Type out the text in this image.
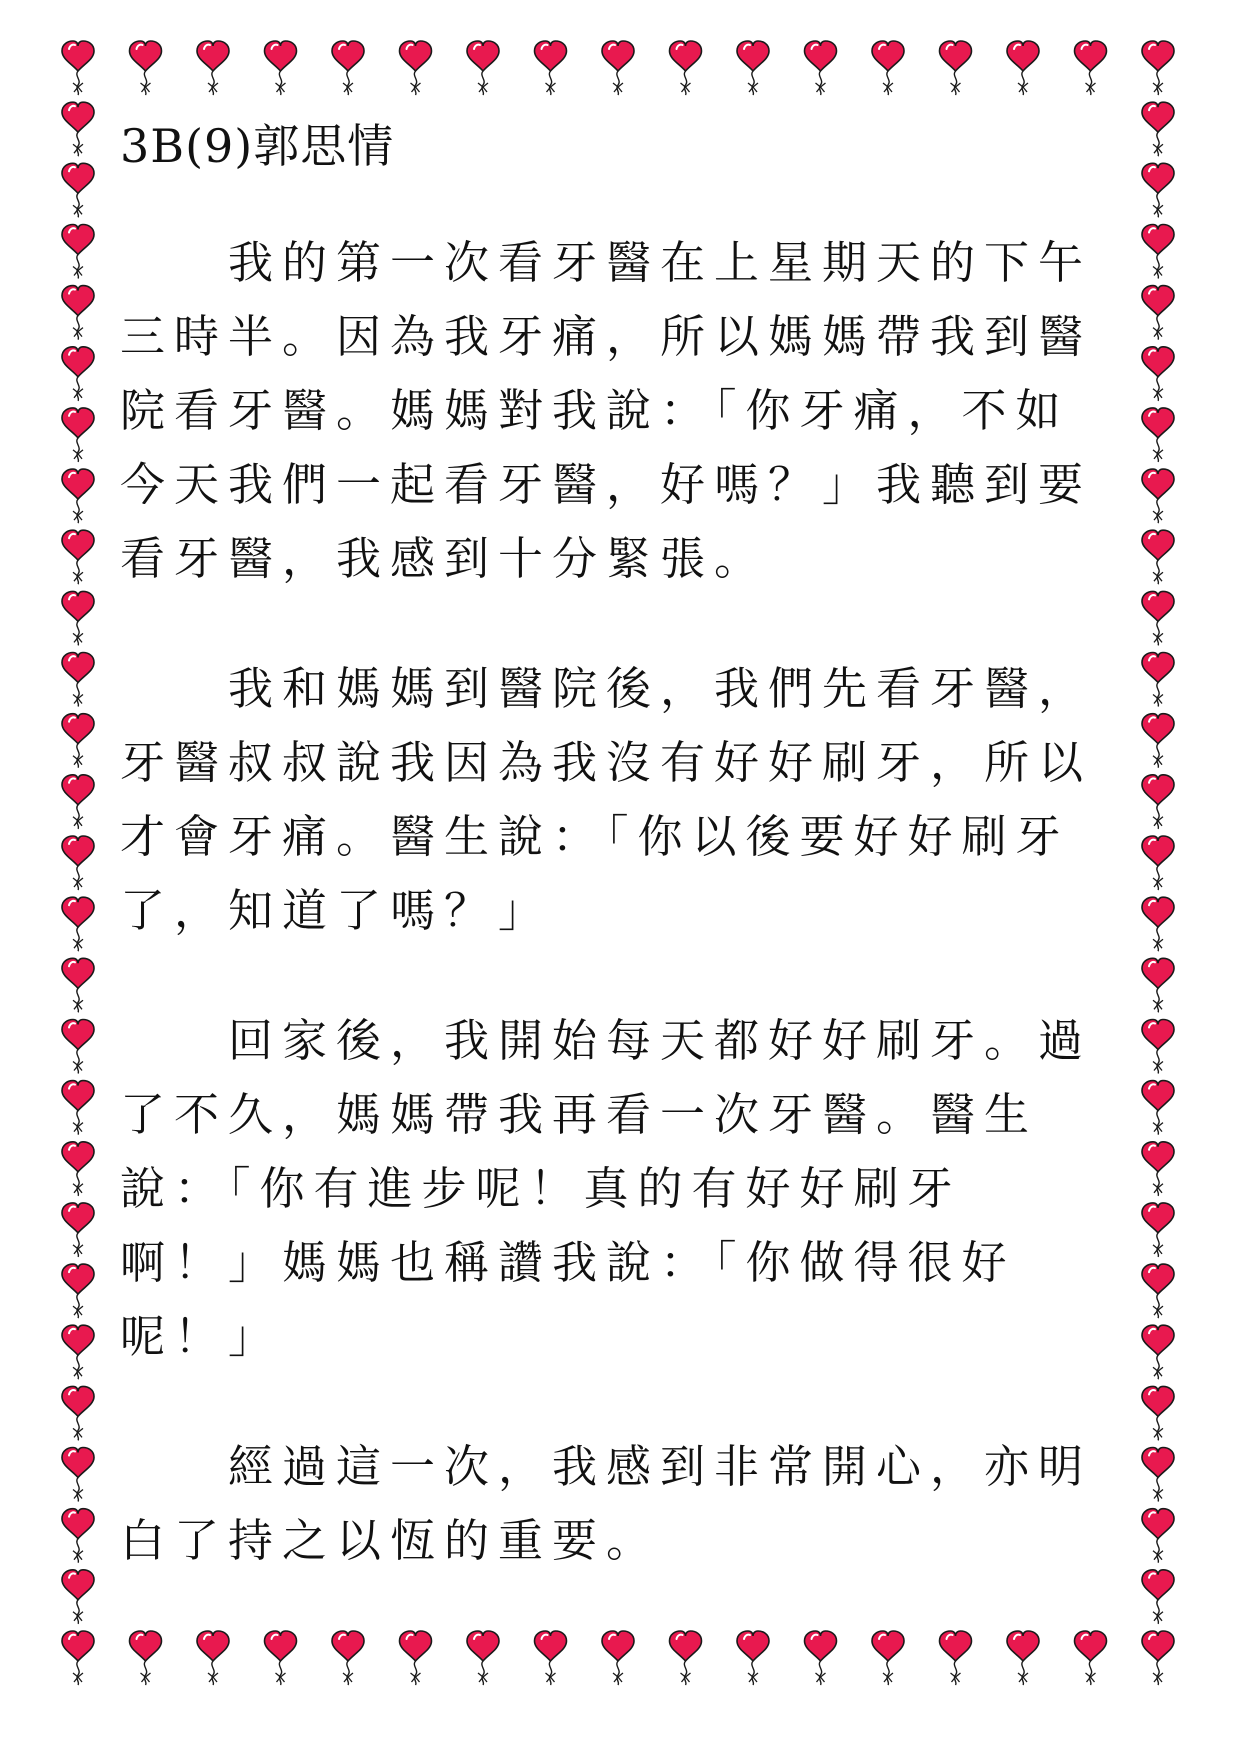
3B(9)郭思情
我的第一次看牙醫在上星期天的下午
三時半。因為我牙痛，所以媽媽帶我到醫
院看牙醫。媽媽對我說：「你牙痛，不如
今天我們一起看牙醫，好嗎？」我聽到要
看牙醫，我感到十分緊張。
我和媽媽到醫院後，我們先看牙醫，
牙醫叔叔說我因為我沒有好好刷牙，所以
才會牙痛。醫生說：「你以後要好好刷牙
了，知道了嗎？」
回家後，我開始每天都好好刷牙。過
了不久，媽媽帶我再看一次牙醫。醫生
說：「你有進步呢！真的有好好刷牙
啊！」媽媽也稱讚我說：「你做得很好
呢！」
經過這一次，我感到非常開心，亦明
白了持之以恆的重要。
